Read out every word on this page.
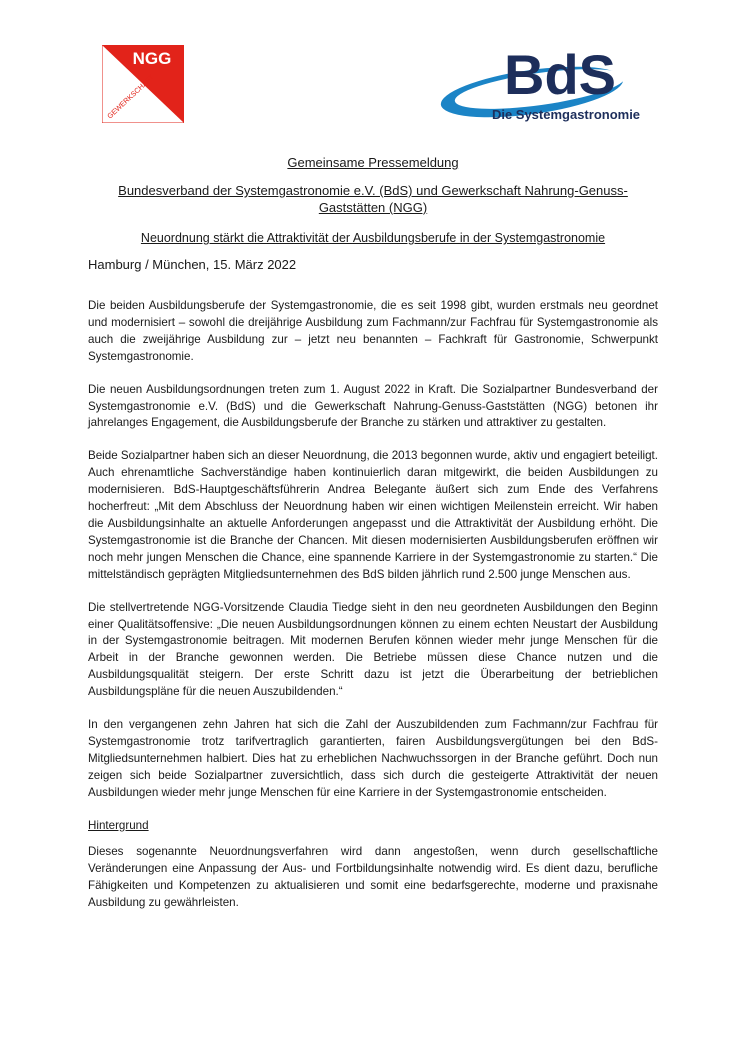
NGG
GEWERKSCHAFT	BdS
Die Systemgastronomie
Gemeinsame Pressemeldung
Bundesverband der Systemgastronomie e.V. (BdS) und Gewerkschaft Nahrung-Genuss-Gaststätten (NGG)
Neuordnung stärkt die Attraktivität der Ausbildungsberufe in der Systemgastronomie
Hamburg / München, 15. März 2022

Die beiden Ausbildungsberufe der Systemgastronomie, die es seit 1998 gibt, wurden erstmals neu geordnet und modernisiert – sowohl die dreijährige Ausbildung zum Fachmann/zur Fachfrau für Systemgastronomie als auch die zweijährige Ausbildung zur – jetzt neu benannten – Fachkraft für Gastronomie, Schwerpunkt Systemgastronomie.

Die neuen Ausbildungsordnungen treten zum 1. August 2022 in Kraft. Die Sozialpartner Bundesverband der Systemgastronomie e.V. (BdS) und die Gewerkschaft Nahrung-Genuss-Gaststätten (NGG) betonen ihr jahrelanges Engagement, die Ausbildungsberufe der Branche zu stärken und attraktiver zu gestalten.

Beide Sozialpartner haben sich an dieser Neuordnung, die 2013 begonnen wurde, aktiv und engagiert beteiligt. Auch ehrenamtliche Sachverständige haben kontinuierlich daran mitgewirkt, die beiden Ausbildungen zu modernisieren. BdS-Hauptgeschäftsführerin Andrea Belegante äußert sich zum Ende des Verfahrens hocherfreut: „Mit dem Abschluss der Neuordnung haben wir einen wichtigen Meilenstein erreicht. Wir haben die Ausbildungsinhalte an aktuelle Anforderungen angepasst und die Attraktivität der Ausbildung erhöht. Die Systemgastronomie ist die Branche der Chancen. Mit diesen modernisierten Ausbildungsberufen eröffnen wir noch mehr jungen Menschen die Chance, eine spannende Karriere in der Systemgastronomie zu starten.“ Die mittelständisch geprägten Mitgliedsunternehmen des BdS bilden jährlich rund 2.500 junge Menschen aus.

Die stellvertretende NGG-Vorsitzende Claudia Tiedge sieht in den neu geordneten Ausbildungen den Beginn einer Qualitätsoffensive: „Die neuen Ausbildungsordnungen können zu einem echten Neustart der Ausbildung in der Systemgastronomie beitragen. Mit modernen Berufen können wieder mehr junge Menschen für die Arbeit in der Branche gewonnen werden. Die Betriebe müssen diese Chance nutzen und die Ausbildungsqualität steigern. Der erste Schritt dazu ist jetzt die Überarbeitung der betrieblichen Ausbildungspläne für die neuen Auszubildenden.“

In den vergangenen zehn Jahren hat sich die Zahl der Auszubildenden zum Fachmann/zur Fachfrau für Systemgastronomie trotz tarifvertraglich garantierten, fairen Ausbildungsvergütungen bei den BdS-Mitgliedsunternehmen halbiert. Dies hat zu erheblichen Nachwuchssorgen in der Branche geführt. Doch nun zeigen sich beide Sozialpartner zuversichtlich, dass sich durch die gesteigerte Attraktivität der neuen Ausbildungen wieder mehr junge Menschen für eine Karriere in der Systemgastronomie entscheiden.

Hintergrund

Dieses sogenannte Neuordnungsverfahren wird dann angestoßen, wenn durch gesellschaftliche Veränderungen eine Anpassung der Aus- und Fortbildungsinhalte notwendig wird. Es dient dazu, berufliche Fähigkeiten und Kompetenzen zu aktualisieren und somit eine bedarfsgerechte, moderne und praxisnahe Ausbildung zu gewährleisten.
